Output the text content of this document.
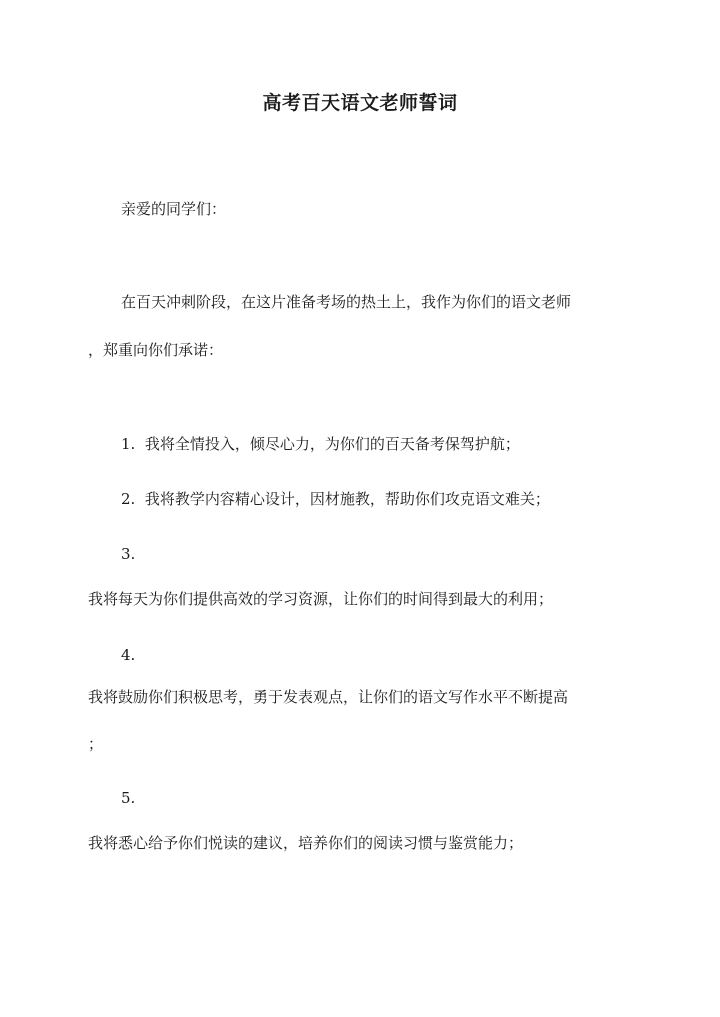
高考百天语文老师誓词
亲爱的同学们：
在百天冲刺阶段，在这片准备考场的热土上，我作为你们的语文老师
，郑重向你们承诺：
1. 我将全情投入，倾尽心力，为你们的百天备考保驾护航；
2. 我将教学内容精心设计，因材施教，帮助你们攻克语文难关；
3.
我将每天为你们提供高效的学习资源，让你们的时间得到最大的利用；
4.
我将鼓励你们积极思考，勇于发表观点，让你们的语文写作水平不断提高
；
5.
我将悉心给予你们悦读的建议，培养你们的阅读习惯与鉴赏能力；
